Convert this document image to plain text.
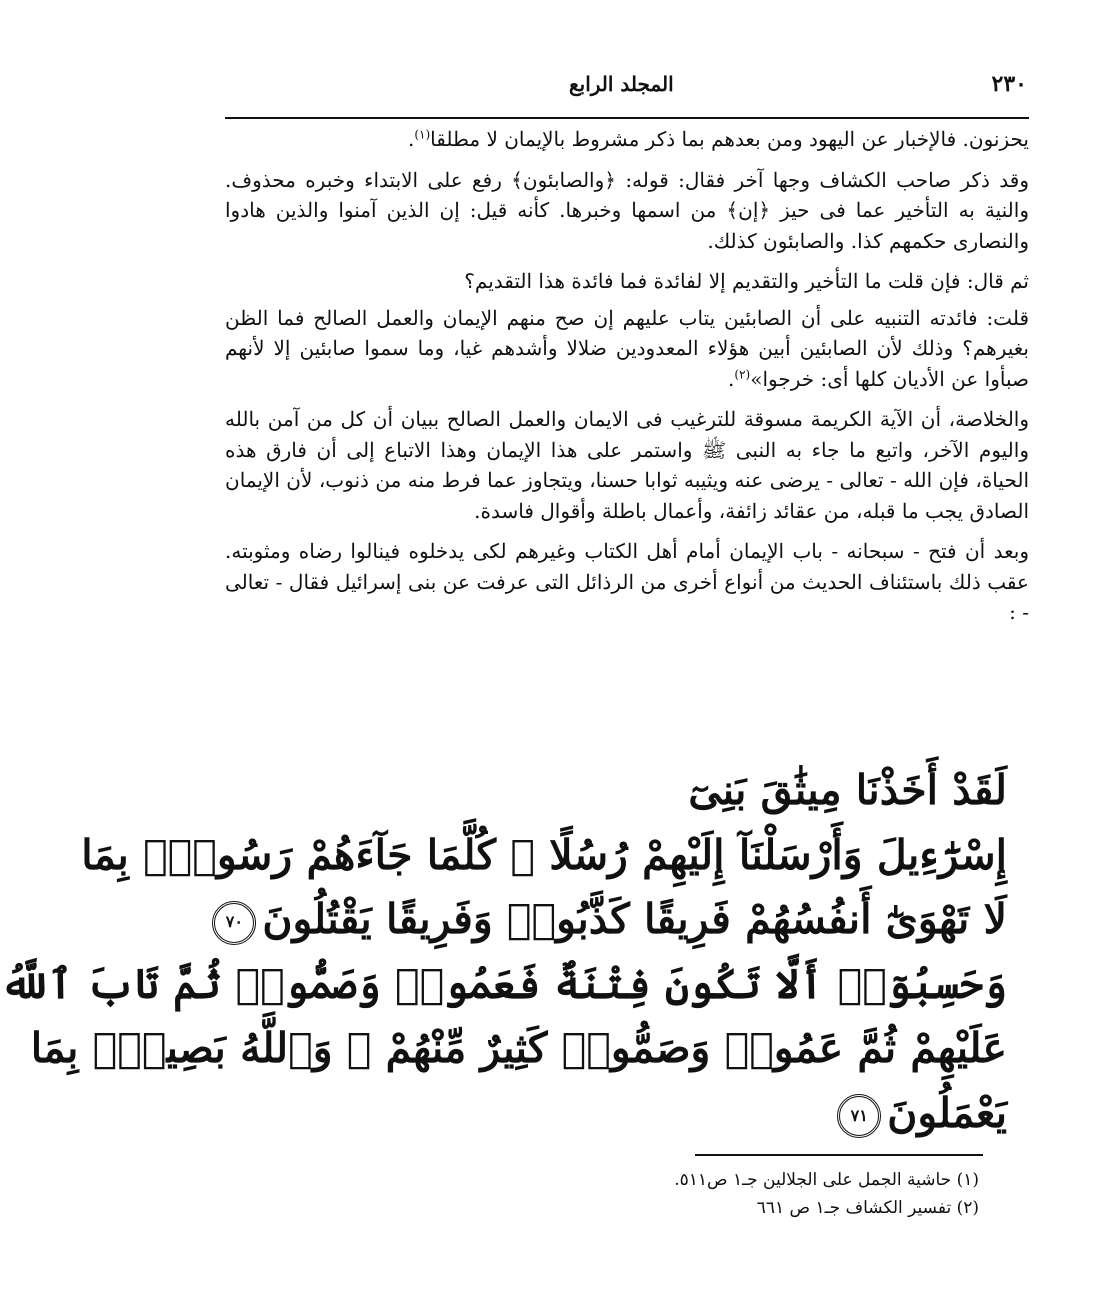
٢٣٠
المجلد الرابع

يحزنون. فالإخبار عن اليهود ومن بعدهم بما ذكر مشروط بالإيمان لا مطلقا$^{(١)}$.

وقد ذكر صاحب الكشاف وجها آخر فقال: قوله: ﴿والصابئون﴾ رفع على الابتداء وخبره محذوف. والنية به التأخير عما فى حيز ﴿إن﴾ من اسمها وخبرها. كأنه قيل: إن الذين آمنوا والذين هادوا والنصارى حكمهم كذا. والصابئون كذلك.

ثم قال: فإن قلت ما التأخير والتقديم إلا لفائدة فما فائدة هذا التقديم؟

قلت: فائدته التنبيه على أن الصابئين يتاب عليهم إن صح منهم الإيمان والعمل الصالح فما الظن بغيرهم؟ وذلك لأن الصابئين أبين هؤلاء المعدودين ضلالا وأشدهم غيا، وما سموا صابئين إلا لأنهم صبأوا عن الأديان كلها أى: خرجوا»$^{(٢)}$.

والخلاصة، أن الآية الكريمة مسوقة للترغيب فى الايمان والعمل الصالح ببيان أن كل من آمن بالله واليوم الآخر، واتبع ما جاء به النبى ﷺ واستمر على هذا الإيمان وهذا الاتباع إلى أن فارق هذه الحياة، فإن الله - تعالى - يرضى عنه ويثيبه ثوابا حسنا، ويتجاوز عما فرط منه من ذنوب، لأن الإيمان الصادق يجب ما قبله، من عقائد زائفة، وأعمال باطلة وأقوال فاسدة.

وبعد أن فتح - سبحانه - باب الإيمان أمام أهل الكتاب وغيرهم لكى يدخلوه فينالوا رضاه ومثوبته. عقب ذلك باستئناف الحديث من أنواع أخرى من الرذائل التى عرفت عن بنى إسرائيل فقال - تعالى - :

لَقَدْ أَخَذْنَا مِيثَٰقَ بَنِىٓ
إِسْرَٰٓءِيلَ وَأَرْسَلْنَآ إِلَيْهِمْ رُسُلًا ۖ كُلَّمَا جَآءَهُمْ رَسُولٌۢ بِمَا
لَا تَهْوَىٰٓ أَنفُسُهُمْ فَرِيقًا كَذَّبُوا۟ وَفَرِيقًا يَقْتُلُونَ٧٠
وَحَسِبُوٓا۟ أَلَّا تَكُونَ فِتْنَةٌ فَعَمُوا۟ وَصَمُّوا۟ ثُمَّ تَابَ ٱللَّهُ
عَلَيْهِمْ ثُمَّ عَمُوا۟ وَصَمُّوا۟ كَثِيرٌ مِّنْهُمْ ۚ وَٱللَّهُ بَصِيرٌۢ بِمَا
يَعْمَلُونَ٧١
(١) حاشية الجمل على الجلالين جـ١ ص٥١١.
(٢) تفسير الكشاف جـ١ ص ٦٦١
